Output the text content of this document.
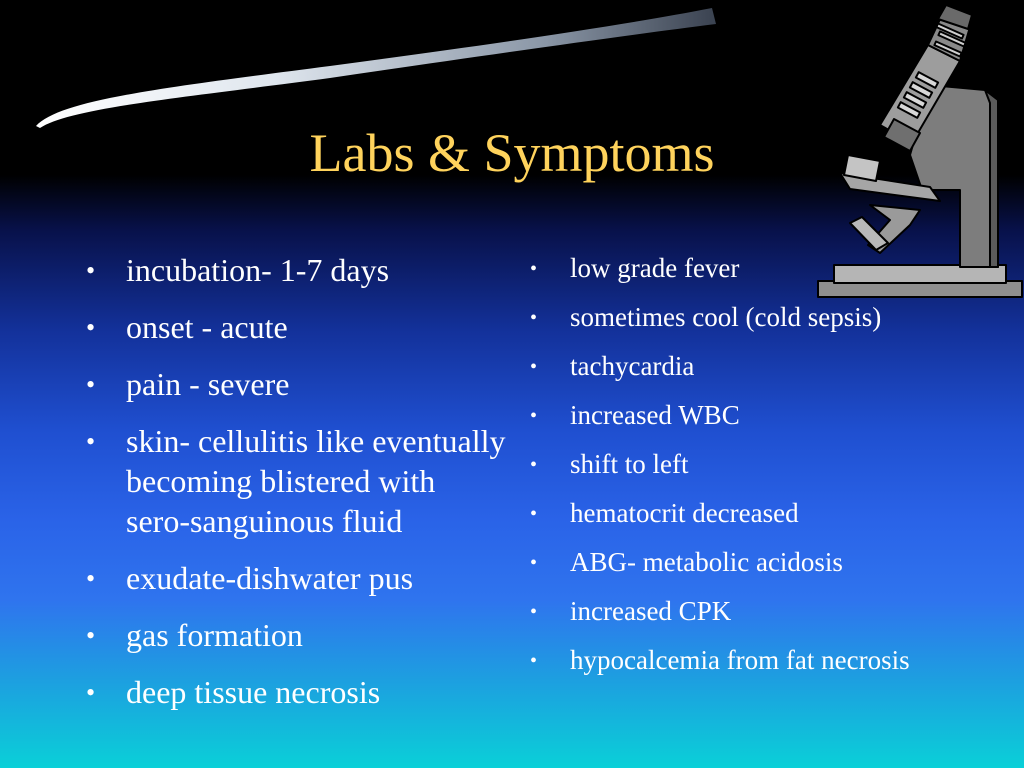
Labs & Symptoms
• incubation- 1-7 days
• onset - acute
• pain - severe
• skin- cellulitis like eventually becoming blistered with sero-sanguinous fluid
• exudate-dishwater pus
• gas formation
• deep tissue necrosis
• low grade fever
• sometimes cool (cold sepsis)
• tachycardia
• increased WBC
• shift to left
• hematocrit decreased
• ABG- metabolic acidosis
• increased CPK
• hypocalcemia from fat necrosis
